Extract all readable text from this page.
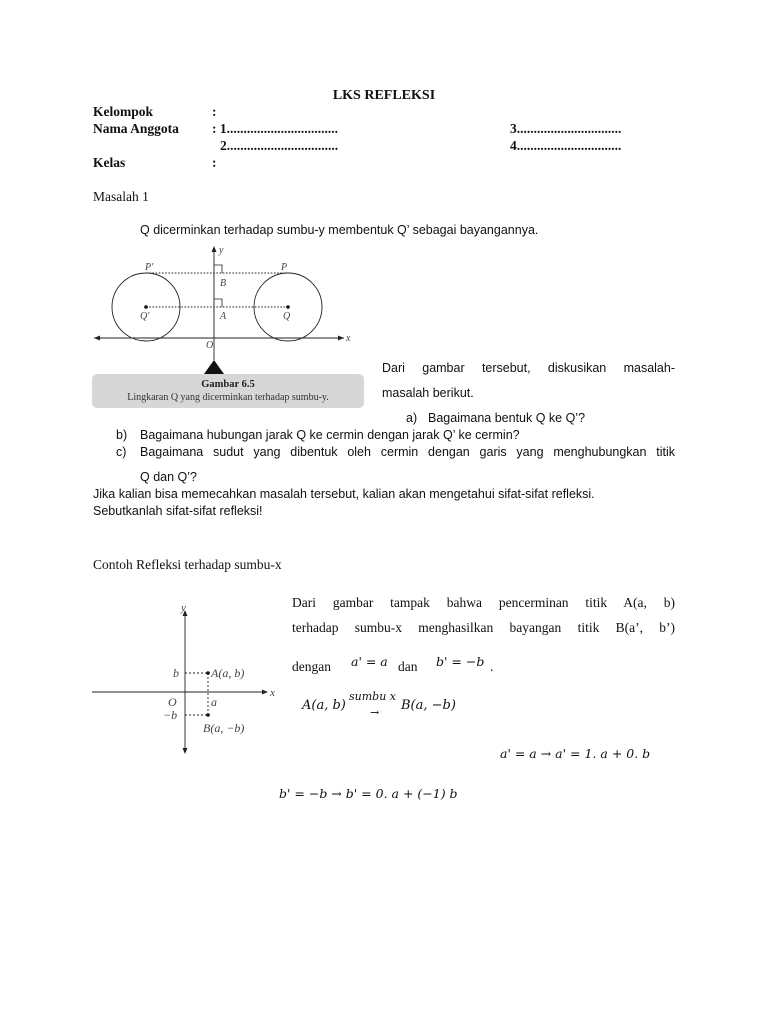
LKS REFLEKSI
Kelompok	:
Nama Anggota : 1.................................	3...............................
2.................................	4...............................
Kelas	:
Masalah 1
Q dicerminkan terhadap sumbu-y membentuk Q’ sebagai bayangannya.
x
y
P′	P
B
Q′	A	Q
O
Gambar 6.5
Lingkaran Q yang dicerminkan terhadap sumbu-y.
Dari gambar tersebut, diskusikan masalah-
masalah berikut.
a) Bagaimana bentuk Q ke Q’?
b) Bagaimana hubungan jarak Q ke cermin dengan jarak Q’ ke cermin?
c) Bagaimana sudut yang dibentuk oleh cermin dengan garis yang menghubungkan titik
Q dan Q’?
Jika kalian bisa memecahkan masalah tersebut, kalian akan mengetahui sifat-sifat refleksi.
Sebutkanlah sifat-sifat refleksi!
Contoh Refleksi terhadap sumbu-x
y
x
b	A(a, b)
O	a
−b
B(a, −b)
Dari gambar tampak bahwa pencerminan titik A(a, b)
terhadap sumbu-x menghasilkan bayangan titik B(a’, b’)
dengan a' = a dan b' = −b .
A(a, b)
sumbu x
→ B(a, −b)
a' = a → a' = 1. a + 0. b
b' = −b → b' = 0. a + (−1) b
